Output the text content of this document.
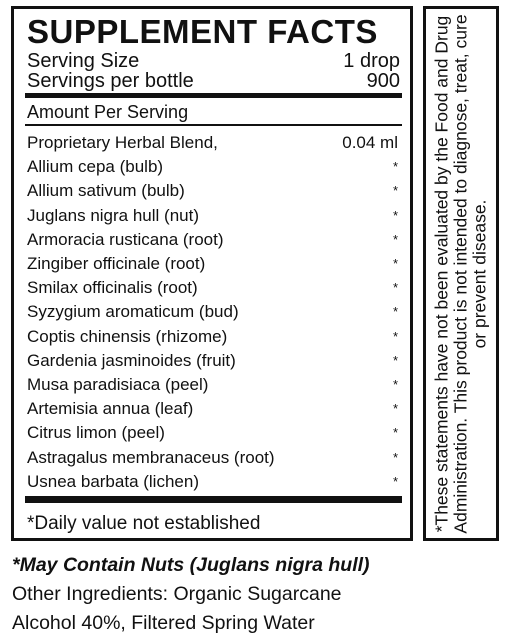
SUPPLEMENT FACTS
Serving Size	1 drop
Servings per bottle	900
Amount Per Serving
Proprietary Herbal Blend,	0.04 ml
Allium cepa (bulb)	*
Allium sativum (bulb)	*
Juglans nigra hull (nut)	*
Armoracia rusticana (root)	*
Zingiber officinale (root)	*
Smilax officinalis (root)	*
Syzygium aromaticum (bud)	*
Coptis chinensis (rhizome)	*
Gardenia jasminoides (fruit)	*
Musa paradisiaca (peel)	*
Artemisia annua (leaf)	*
Citrus limon (peel)	*
Astragalus membranaceus (root)	*
Usnea barbata (lichen)	*
*Daily value not established	*These statements have not been evaluated by the Food and Drug Administration. This product is not intended to diagnose, treat, cure or prevent disease.
*May Contain Nuts (Juglans nigra hull)
Other Ingredients: Organic Sugarcane
Alcohol 40%, Filtered Spring Water
